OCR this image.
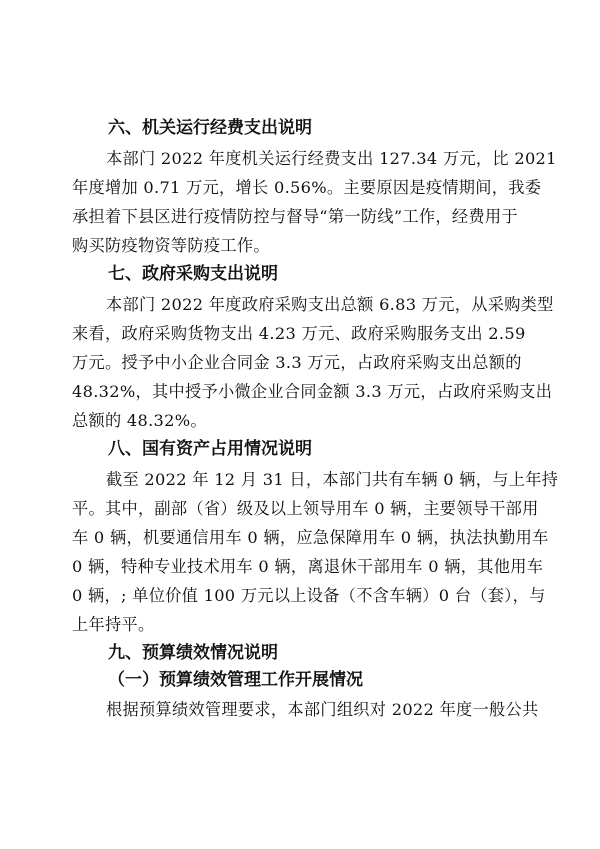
六、机关运行经费支出说明
本部门 2022 年度机关运行经费支出 127.34 万元，比 2021
年度增加 0.71 万元，增长 0.56%。主要原因是疫情期间，我委
承担着下县区进行疫情防控与督导“第一防线”工作，经费用于
购买防疫物资等防疫工作。
七、政府采购支出说明
本部门 2022 年度政府采购支出总额 6.83 万元，从采购类型
来看，政府采购货物支出 4.23 万元、政府采购服务支出 2.59
万元。授予中小企业合同金 3.3 万元，占政府采购支出总额的
48.32%，其中授予小微企业合同金额 3.3 万元，占政府采购支出
总额的 48.32%。
八、国有资产占用情况说明
截至 2022 年 12 月 31 日，本部门共有车辆 0 辆，与上年持
平。其中，副部（省）级及以上领导用车 0 辆，主要领导干部用
车 0 辆，机要通信用车 0 辆，应急保障用车 0 辆，执法执勤用车
0 辆，特种专业技术用车 0 辆，离退休干部用车 0 辆，其他用车
0 辆，; 单位价值 100 万元以上设备（不含车辆）0 台（套），与
上年持平。
九、预算绩效情况说明
（一）预算绩效管理工作开展情况
根据预算绩效管理要求，本部门组织对 2022 年度一般公共
